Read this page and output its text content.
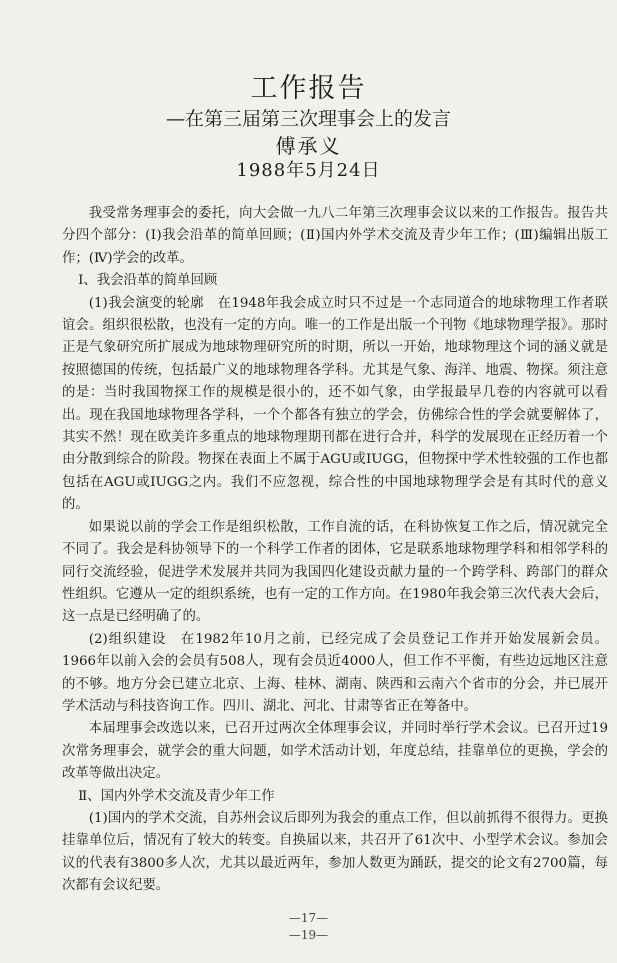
工作报告
—在第三届第三次理事会上的发言
傅承义
1988年5月24日

我受常务理事会的委托，向大会做一九八二年第三次理事会议以来的工作报告。报告共分四个部分：(Ⅰ)我会沿革的简单回顾；(Ⅱ)国内外学术交流及青少年工作；(Ⅲ)编辑出版工作；(Ⅳ)学会的改革。

Ⅰ、我会沿革的简单回顾

(1)我会演变的轮廓　在1948年我会成立时只不过是一个志同道合的地球物理工作者联谊会。组织很松散，也没有一定的方向。唯一的工作是出版一个刊物《地球物理学报》。那时正是气象研究所扩展成为地球物理研究所的时期，所以一开始，地球物理这个词的涵义就是按照德国的传统，包括最广义的地球物理各学科。尤其是气象、海洋、地震、物探。须注意的是：当时我国物探工作的规模是很小的，还不如气象，由学报最早几卷的内容就可以看出。现在我国地球物理各学科，一个个都各有独立的学会，仿佛综合性的学会就要解体了，其实不然！现在欧美许多重点的地球物理期刊都在进行合并，科学的发展现在正经历着一个由分散到综合的阶段。物探在表面上不属于AGU或IUGG，但物探中学术性较强的工作也都包括在AGU或IUGG之内。我们不应忽视，综合性的中国地球物理学会是有其时代的意义的。

如果说以前的学会工作是组织松散，工作自流的话，在科协恢复工作之后，情况就完全不同了。我会是科协领导下的一个科学工作者的团体，它是联系地球物理学科和相邻学科的同行交流经验，促进学术发展并共同为我国四化建设贡献力量的一个跨学科、跨部门的群众性组织。它遵从一定的组织系统，也有一定的工作方向。在1980年我会第三次代表大会后，这一点是已经明确了的。

(2)组织建设　在1982年10月之前，已经完成了会员登记工作并开始发展新会员。1966年以前入会的会员有508人，现有会员近4000人，但工作不平衡，有些边远地区注意的不够。地方分会已建立北京、上海、桂林、湖南、陕西和云南六个省市的分会，并已展开学术活动与科技咨询工作。四川、湖北、河北、甘肃等省正在筹备中。

本届理事会改选以来，已召开过两次全体理事会议，并同时举行学术会议。已召开过19次常务理事会，就学会的重大问题，如学术活动计划，年度总结，挂靠单位的更换，学会的改革等做出决定。

Ⅱ、国内外学术交流及青少年工作

(1)国内的学术交流，自苏州会议后即列为我会的重点工作，但以前抓得不很得力。更换挂靠单位后，情况有了较大的转变。自换届以来，共召开了61次中、小型学术会议。参加会议的代表有3800多人次，尤其以最近两年，参加人数更为踊跃，提交的论文有2700篇，每次都有会议纪要。

—17—
—19—
